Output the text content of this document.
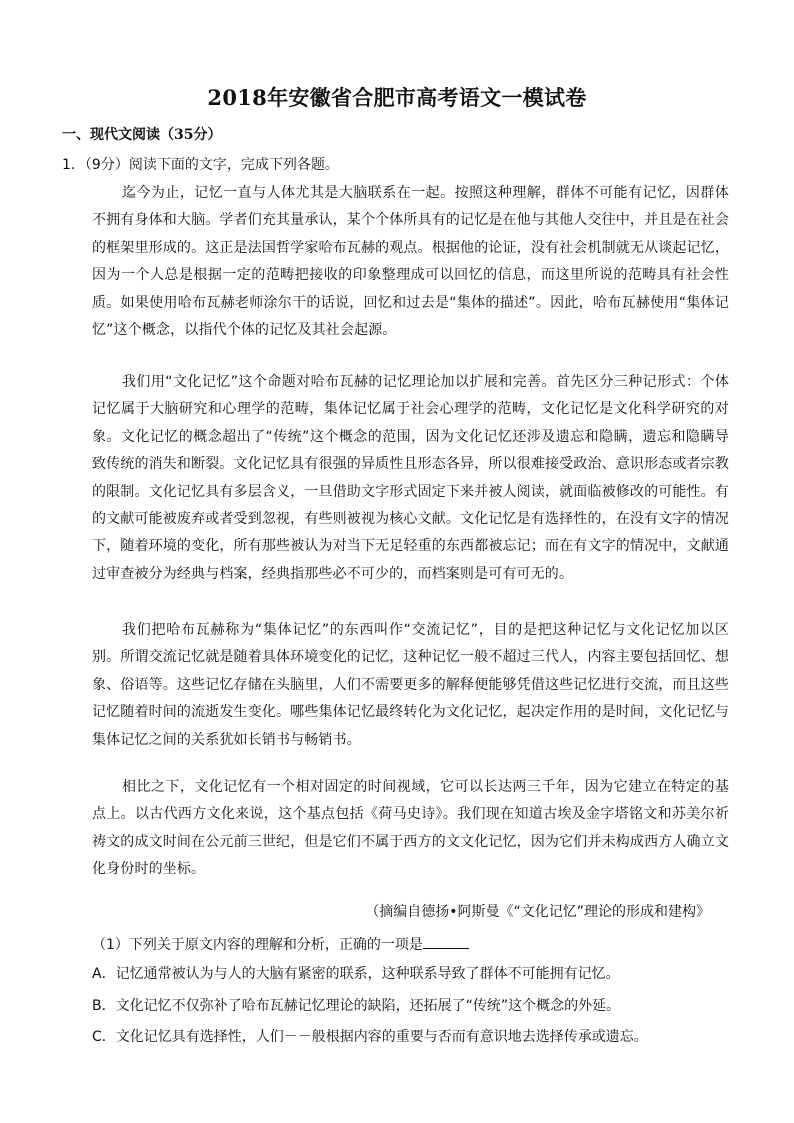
2018年安徽省合肥市高考语文一模试卷
一、现代文阅读（35分）
1．（9分）阅读下面的文字，完成下列各题。

迄今为止，记忆一直与人体尤其是大脑联系在一起。按照这种理解，群体不可能有记忆，因群体不拥有身体和大脑。学者们充其量承认，某个个体所具有的记忆是在他与其他人交往中，并且是在社会的框架里形成的。这正是法国哲学家哈布瓦赫的观点。根据他的论证，没有社会机制就无从谈起记忆，因为一个人总是根据一定的范畴把接收的印象整理成可以回忆的信息，而这里所说的范畴具有社会性质。如果使用哈布瓦赫老师涂尔干的话说，回忆和过去是“集体的描述”。因此，哈布瓦赫使用“集体记忆”这个概念，以指代个体的记忆及其社会起源。

我们用“文化记忆”这个命题对哈布瓦赫的记忆理论加以扩展和完善。首先区分三种记形式：个体记忆属于大脑研究和心理学的范畴，集体记忆属于社会心理学的范畴，文化记忆是文化科学研究的对象。文化记忆的概念超出了“传统”这个概念的范围，因为文化记忆还涉及遗忘和隐瞒，遗忘和隐瞒导致传统的消失和断裂。文化记忆具有很强的异质性且形态各异，所以很难接受政治、意识形态或者宗教的限制。文化记忆具有多层含义，一旦借助文字形式固定下来并被人阅读，就面临被修改的可能性。有的文献可能被废弃或者受到忽视，有些则被视为核心文献。文化记忆是有选择性的，在没有文字的情况下，随着环境的变化，所有那些被认为对当下无足轻重的东西都被忘记；而在有文字的情况中，文献通过审查被分为经典与档案，经典指那些必不可少的，而档案则是可有可无的。

我们把哈布瓦赫称为“集体记忆”的东西叫作“交流记忆”，目的是把这种记忆与文化记忆加以区别。所谓交流记忆就是随着具体环境变化的记忆，这种记忆一般不超过三代人，内容主要包括回忆、想象、俗语等。这些记忆存储在头脑里，人们不需要更多的解释便能够凭借这些记忆进行交流，而且这些记忆随着时间的流逝发生变化。哪些集体记忆最终转化为文化记忆，起决定作用的是时间，文化记忆与集体记忆之间的关系犹如长销书与畅销书。

相比之下，文化记忆有一个相对固定的时间视域，它可以长达两三千年，因为它建立在特定的基点上。以古代西方文化来说，这个基点包括《荷马史诗》。我们现在知道古埃及金字塔铭文和苏美尔祈祷文的成文时间在公元前三世纪，但是它们不属于西方的文文化记忆，因为它们并未构成西方人确立文化身份时的坐标。

（摘编自德扬•阿斯曼《“文化记忆”理论的形成和建构》
（1）下列关于原文内容的理解和分析，正确的一项是
A．记忆通常被认为与人的大脑有紧密的联系，这种联系导致了群体不可能拥有记忆。
B．文化记忆不仅弥补了哈布瓦赫记忆理论的缺陷，还拓展了“传统”这个概念的外延。
C．文化记忆具有选择性，人们－－般根据内容的重要与否而有意识地去选择传承或遗忘。
